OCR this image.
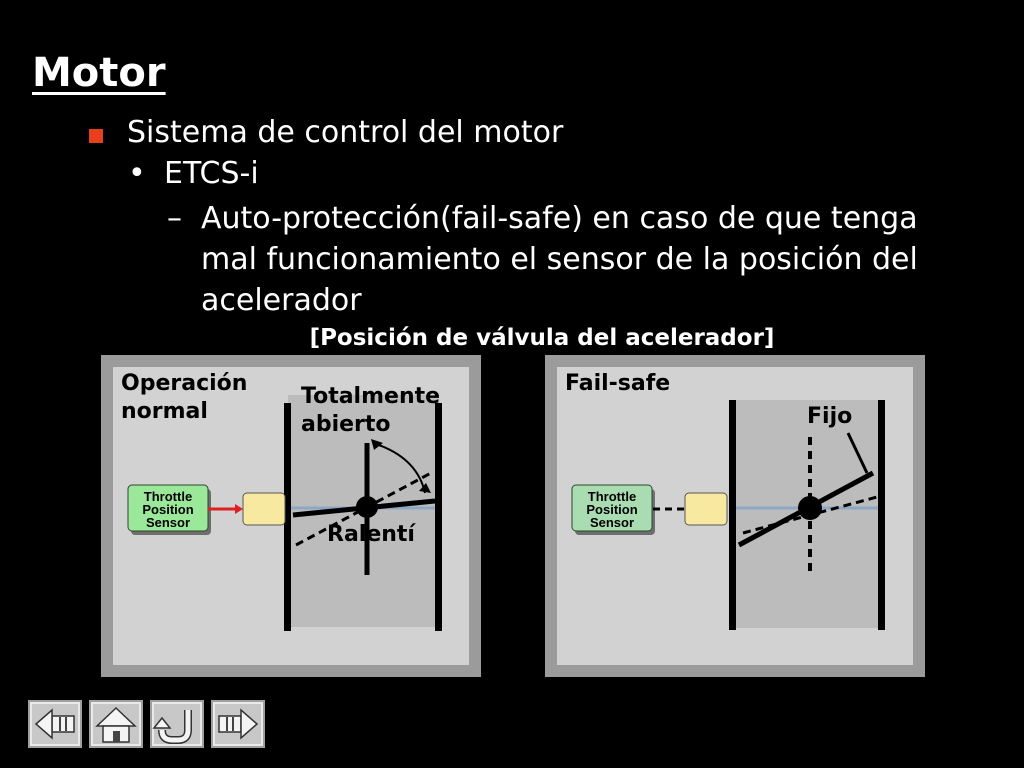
Motor
Sistema de control del motor
• ETCS-i
– Auto-protección(fail-safe) en caso de que tenga mal funcionamiento el sensor de la posición del acelerador
[Posición de válvula del acelerador]
Throttle
Position
Sensor
Operación
normal
Totalmente
abierto
Ralentí
Throttle
Position
Sensor
Fail-safe
Fijo
